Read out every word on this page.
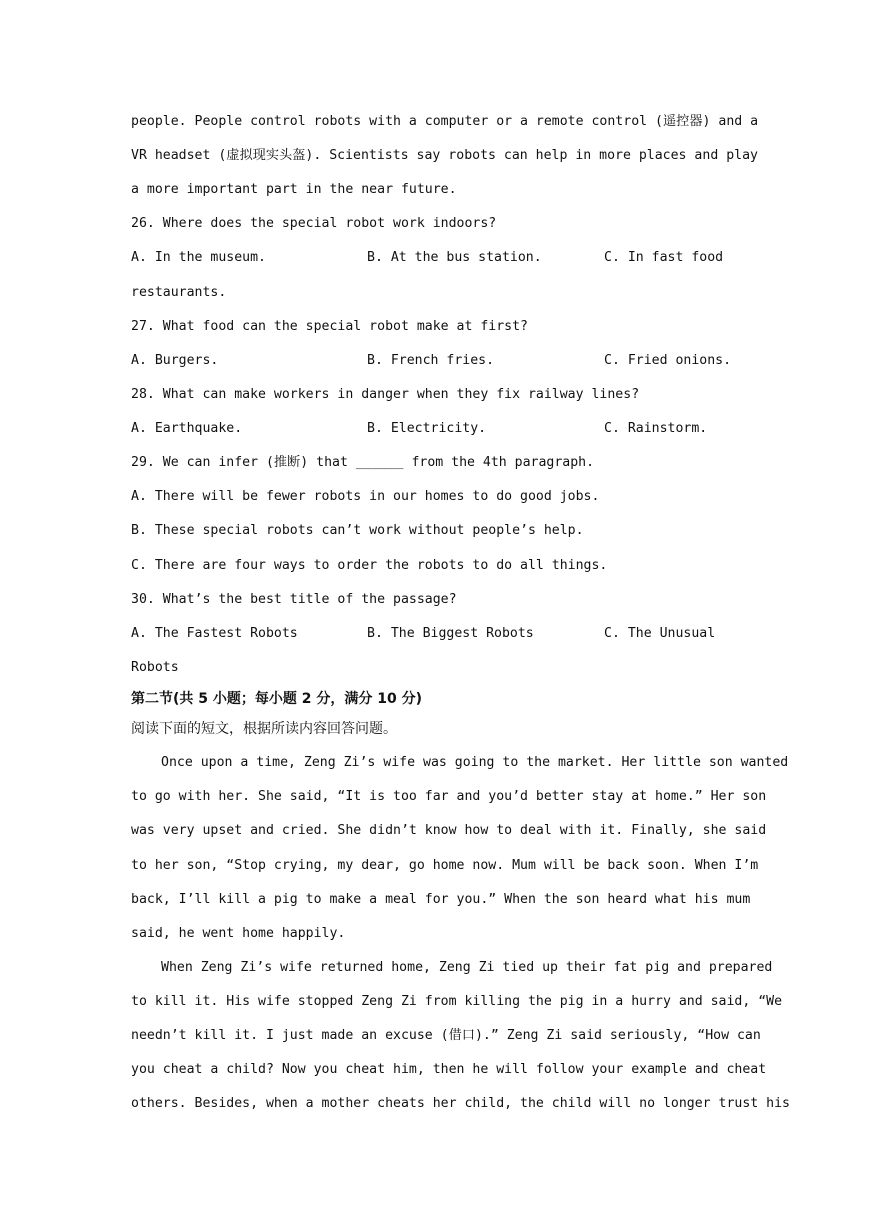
people. People control robots with a computer or a remote control (遥控器) and a
VR headset (虚拟现实头盔). Scientists say robots can help in more places and play
a more important part in the near future.
26. Where does the special robot work indoors?

A. In the museum.

	B. At the bus station.

	C. In fast food

restaurants.
27. What food can the special robot make at first?

A. Burgers.

	B. French fries.

	C. Fried onions.

28. What can make workers in danger when they fix railway lines?

A. Earthquake.

	B. Electricity.

	C. Rainstorm.

29. We can infer (推断) that ______ from the 4th paragraph.
A. There will be fewer robots in our homes to do good jobs.
B. These special robots can’t work without people’s help.
C. There are four ways to order the robots to do all things.
30. What’s the best title of the passage?

A. The Fastest Robots

	B. The Biggest Robots

	C. The Unusual

Robots
第二节(共 5 小题；每小题 2 分，满分 10 分)
阅读下面的短文，根据所读内容回答问题。
Once upon a time, Zeng Zi’s wife was going to the market. Her little son wanted
to go with her. She said, “It is too far and you’d better stay at home.” Her son
was very upset and cried. She didn’t know how to deal with it. Finally, she said
to her son, “Stop crying, my dear, go home now. Mum will be back soon. When I’m
back, I’ll kill a pig to make a meal for you.” When the son heard what his mum
said, he went home happily.
When Zeng Zi’s wife returned home, Zeng Zi tied up their fat pig and prepared
to kill it. His wife stopped Zeng Zi from killing the pig in a hurry and said, “We
needn’t kill it. I just made an excuse (借口).” Zeng Zi said seriously, “How can
you cheat a child? Now you cheat him, then he will follow your example and cheat
others. Besides, when a mother cheats her child, the child will no longer trust his
